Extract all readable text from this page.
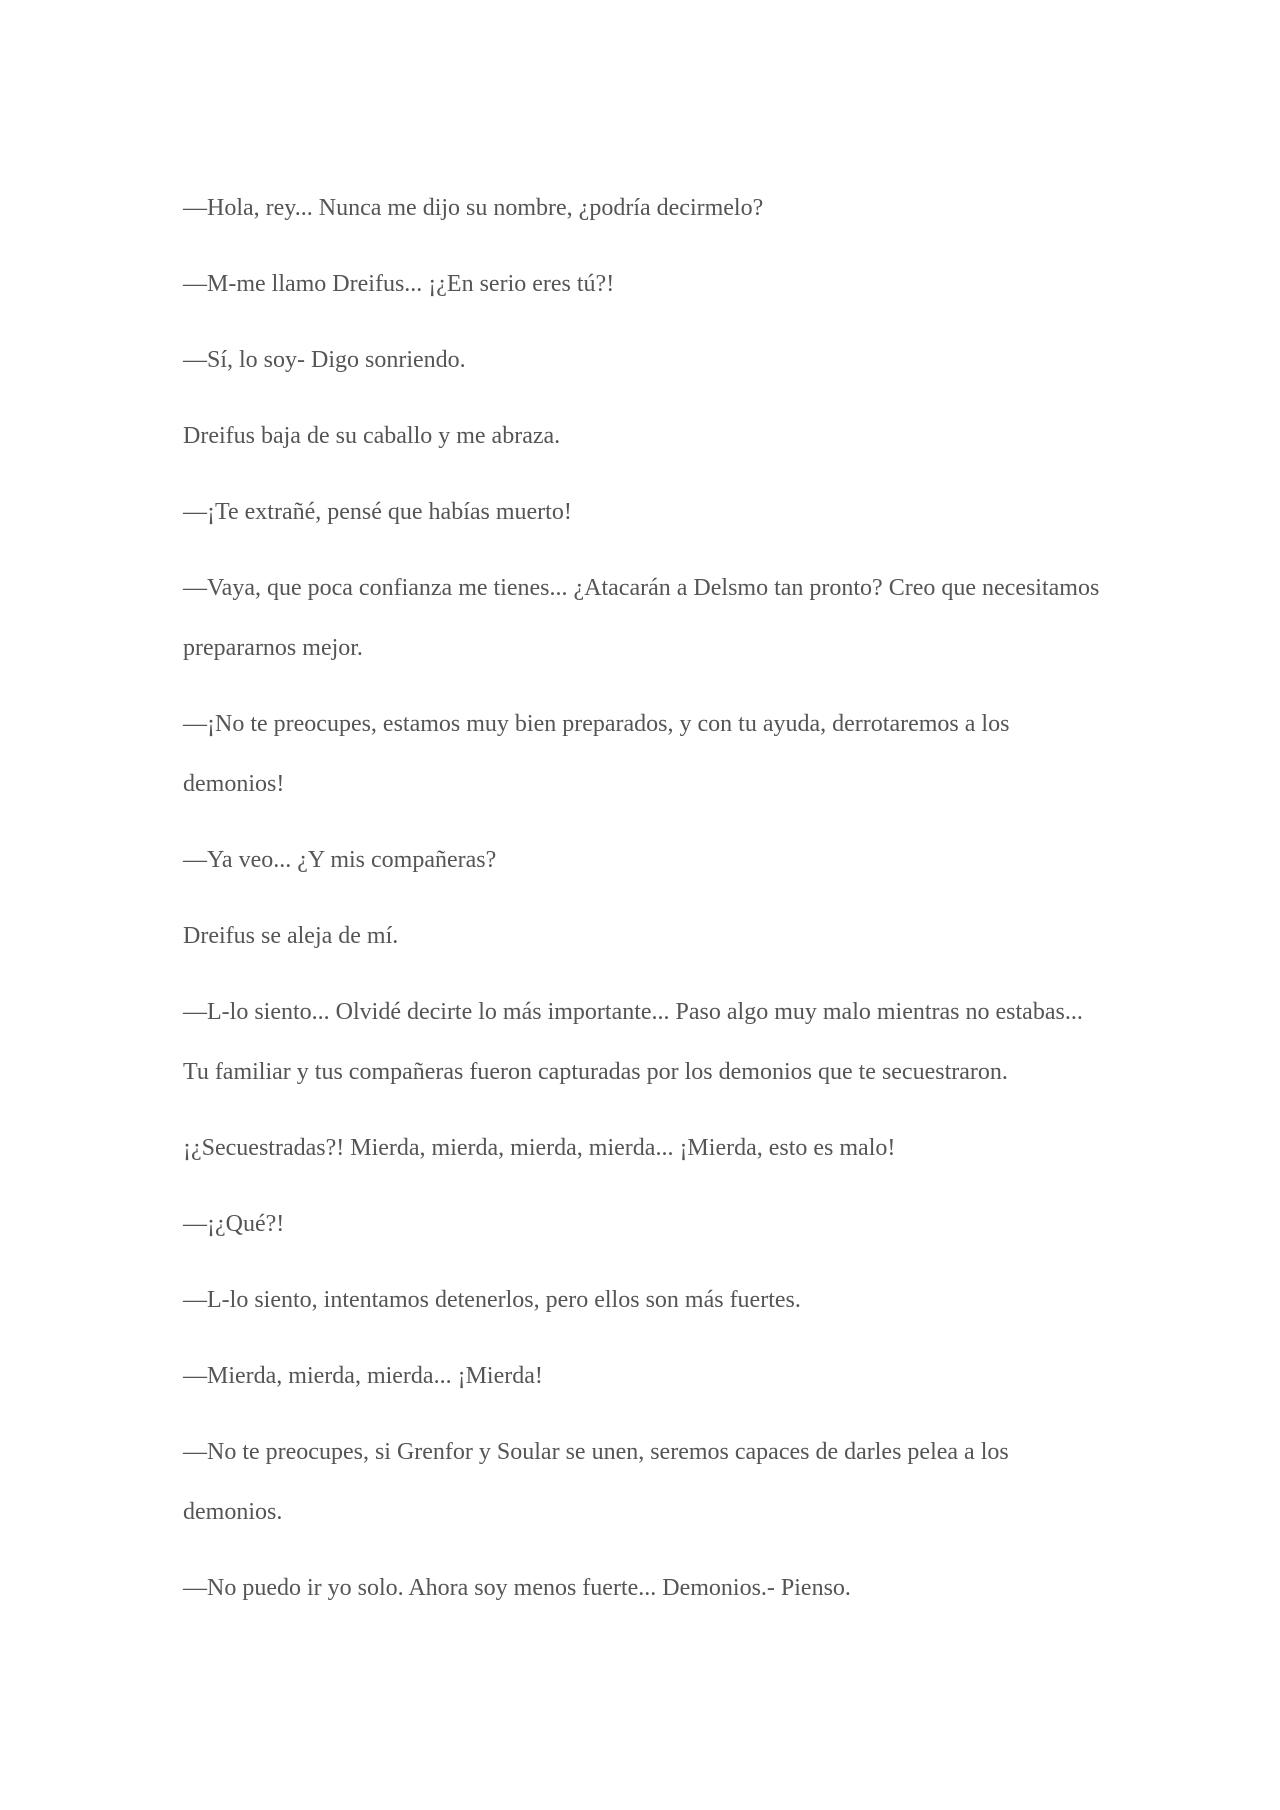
—Hola, rey... Nunca me dijo su nombre, ¿podría decirmelo?

—M-me llamo Dreifus... ¡¿En serio eres tú?!

—Sí, lo soy- Digo sonriendo.

Dreifus baja de su caballo y me abraza.

—¡Te extrañé, pensé que habías muerto!

—Vaya, que poca confianza me tienes... ¿Atacarán a Delsmo tan pronto? Creo que necesitamos prepararnos mejor.

—¡No te preocupes, estamos muy bien preparados, y con tu ayuda, derrotaremos a los demonios!

—Ya veo... ¿Y mis compañeras?

Dreifus se aleja de mí.

—L-lo siento... Olvidé decirte lo más importante... Paso algo muy malo mientras no estabas... Tu familiar y tus compañeras fueron capturadas por los demonios que te secuestraron.

¡¿Secuestradas?! Mierda, mierda, mierda, mierda... ¡Mierda, esto es malo!

—¡¿Qué?!

—L-lo siento, intentamos detenerlos, pero ellos son más fuertes.

—Mierda, mierda, mierda... ¡Mierda!

—No te preocupes, si Grenfor y Soular se unen, seremos capaces de darles pelea a los demonios.

—No puedo ir yo solo. Ahora soy menos fuerte... Demonios.- Pienso.
